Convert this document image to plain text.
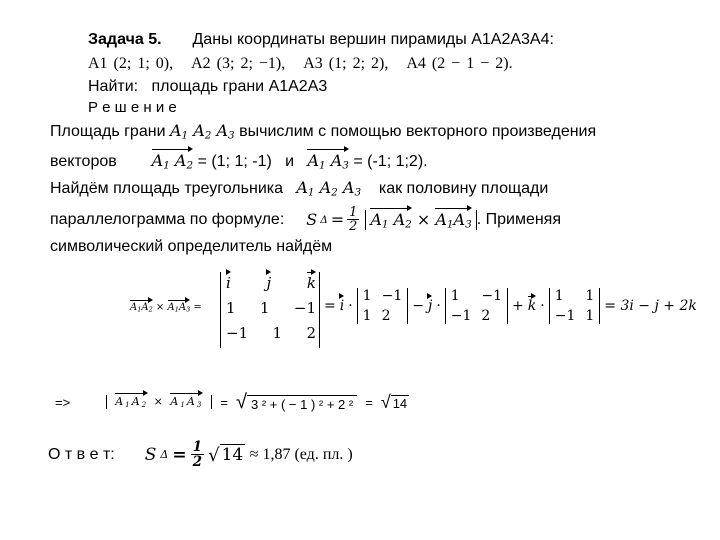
Задача 5. Даны координаты вершин пирамиды A1A2A3A4:
A1 (2; 1; 0), A2 (3; 2; −1), A3 (1; 2; 2), A4 (2 − 1 − 2).
Найти: площадь грани A1A2A3
Р е ш е н и е
Площадь грани $A_1$ $A_2$ $A_3$ вычислим с помощью векторного произведения
векторов $A_1$ $A_2 = (1$; 1; -1) и $A_1$ $A_3 = (-1$; 1;2).
Найдём площадь треугольника $A_1$ $A_2$ $A_3$ как половину площади
параллелограмма по формуле: S $\Delta = \frac{1}{2} A_1$ $A_2 \times A_1A_3$ . Применяя
символический определитель найдём
$A_1A_2 \times A_1A_3$ =
i j k
1 1 −1
−1 1 2
= i ·
1 −1
1 2
− j ·
1	−1
−1 2
+ k ·
1	1
−1 1
= 3i − j + 2k
=>	$A_1A_2 \times A_1A_3$	= √ 3 ² + ( − 1 ) ² + 2 ² = √ 14
О т в е т: S $\Delta = \frac{1}{2}$ √ 14
≈ 1,87 (ед. пл. )
